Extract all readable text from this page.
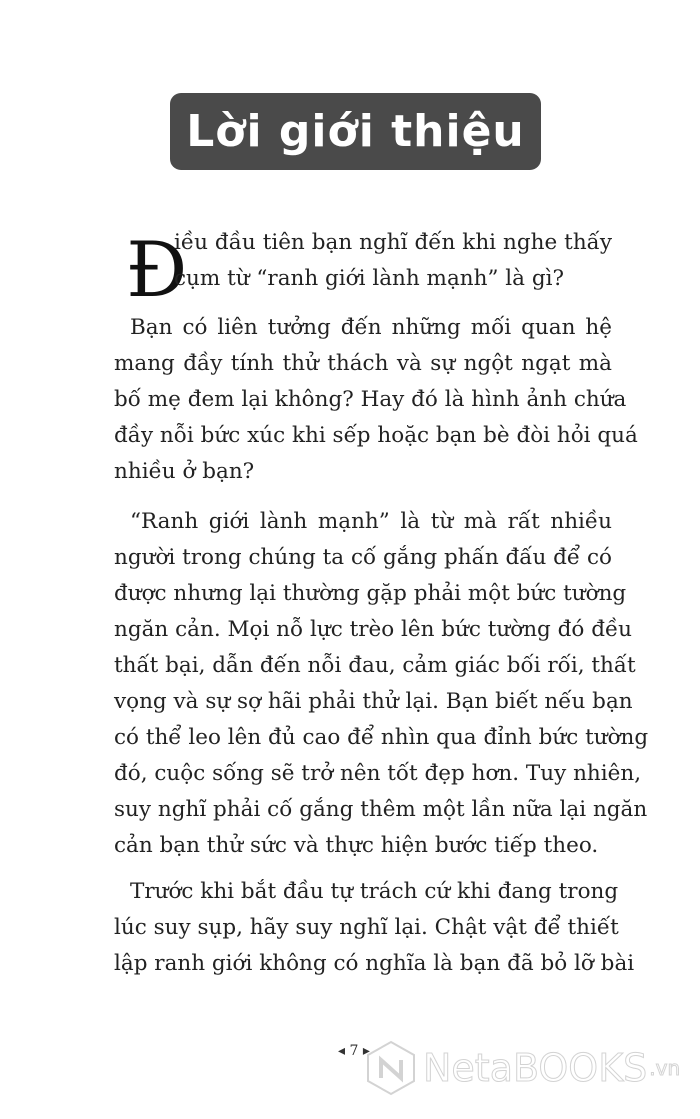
Lời giới thiệu
Đ
iều đầu tiên bạn nghĩ đến khi nghe thấy
cụm từ “ranh giới lành mạnh” là gì?
Bạn có liên tưởng đến những mối quan hệ
mang đầy tính thử thách và sự ngột ngạt mà
bố mẹ đem lại không? Hay đó là hình ảnh chứa
đầy nỗi bức xúc khi sếp hoặc bạn bè đòi hỏi quá
nhiều ở bạn?
“Ranh giới lành mạnh” là từ mà rất nhiều
người trong chúng ta cố gắng phấn đấu để có
được nhưng lại thường gặp phải một bức tường
ngăn cản. Mọi nỗ lực trèo lên bức tường đó đều
thất bại, dẫn đến nỗi đau, cảm giác bối rối, thất
vọng và sự sợ hãi phải thử lại. Bạn biết nếu bạn
có thể leo lên đủ cao để nhìn qua đỉnh bức tường
đó, cuộc sống sẽ trở nên tốt đẹp hơn. Tuy nhiên,
suy nghĩ phải cố gắng thêm một lần nữa lại ngăn
cản bạn thử sức và thực hiện bước tiếp theo.
Trước khi bắt đầu tự trách cứ khi đang trong
lúc suy sụp, hãy suy nghĩ lại. Chật vật để thiết
lập ranh giới không có nghĩa là bạn đã bỏ lỡ bài
◂ 7 ▸ NetaBOOKS .vn
